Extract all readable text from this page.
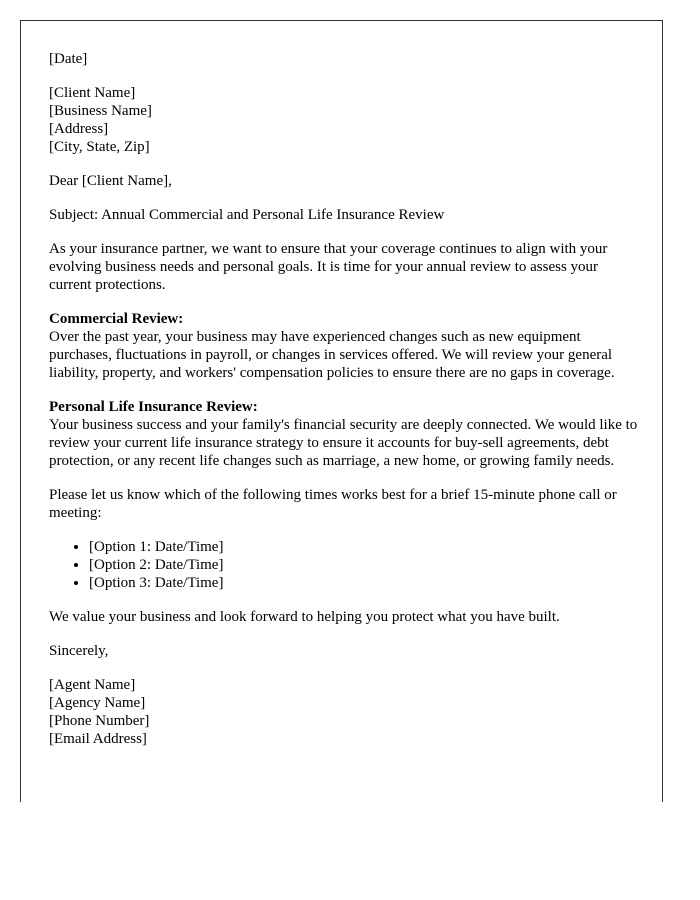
[Date]

[Client Name]
[Business Name]
[Address]
[City, State, Zip]

Dear [Client Name],

Subject: Annual Commercial and Personal Life Insurance Review

As your insurance partner, we want to ensure that your coverage continues to align with your evolving business needs and personal goals. It is time for your annual review to assess your current protections.

Commercial Review:
Over the past year, your business may have experienced changes such as new equipment purchases, fluctuations in payroll, or changes in services offered. We will review your general liability, property, and workers' compensation policies to ensure there are no gaps in coverage.

Personal Life Insurance Review:
Your business success and your family's financial security are deeply connected. We would like to review your current life insurance strategy to ensure it accounts for buy-sell agreements, debt protection, or any recent life changes such as marriage, a new home, or growing family needs.

Please let us know which of the following times works best for a brief 15-minute phone call or meeting:

• [Option 1: Date/Time]
• [Option 2: Date/Time]
• [Option 3: Date/Time]

We value your business and look forward to helping you protect what you have built.

Sincerely,

[Agent Name]
[Agency Name]
[Phone Number]
[Email Address]
